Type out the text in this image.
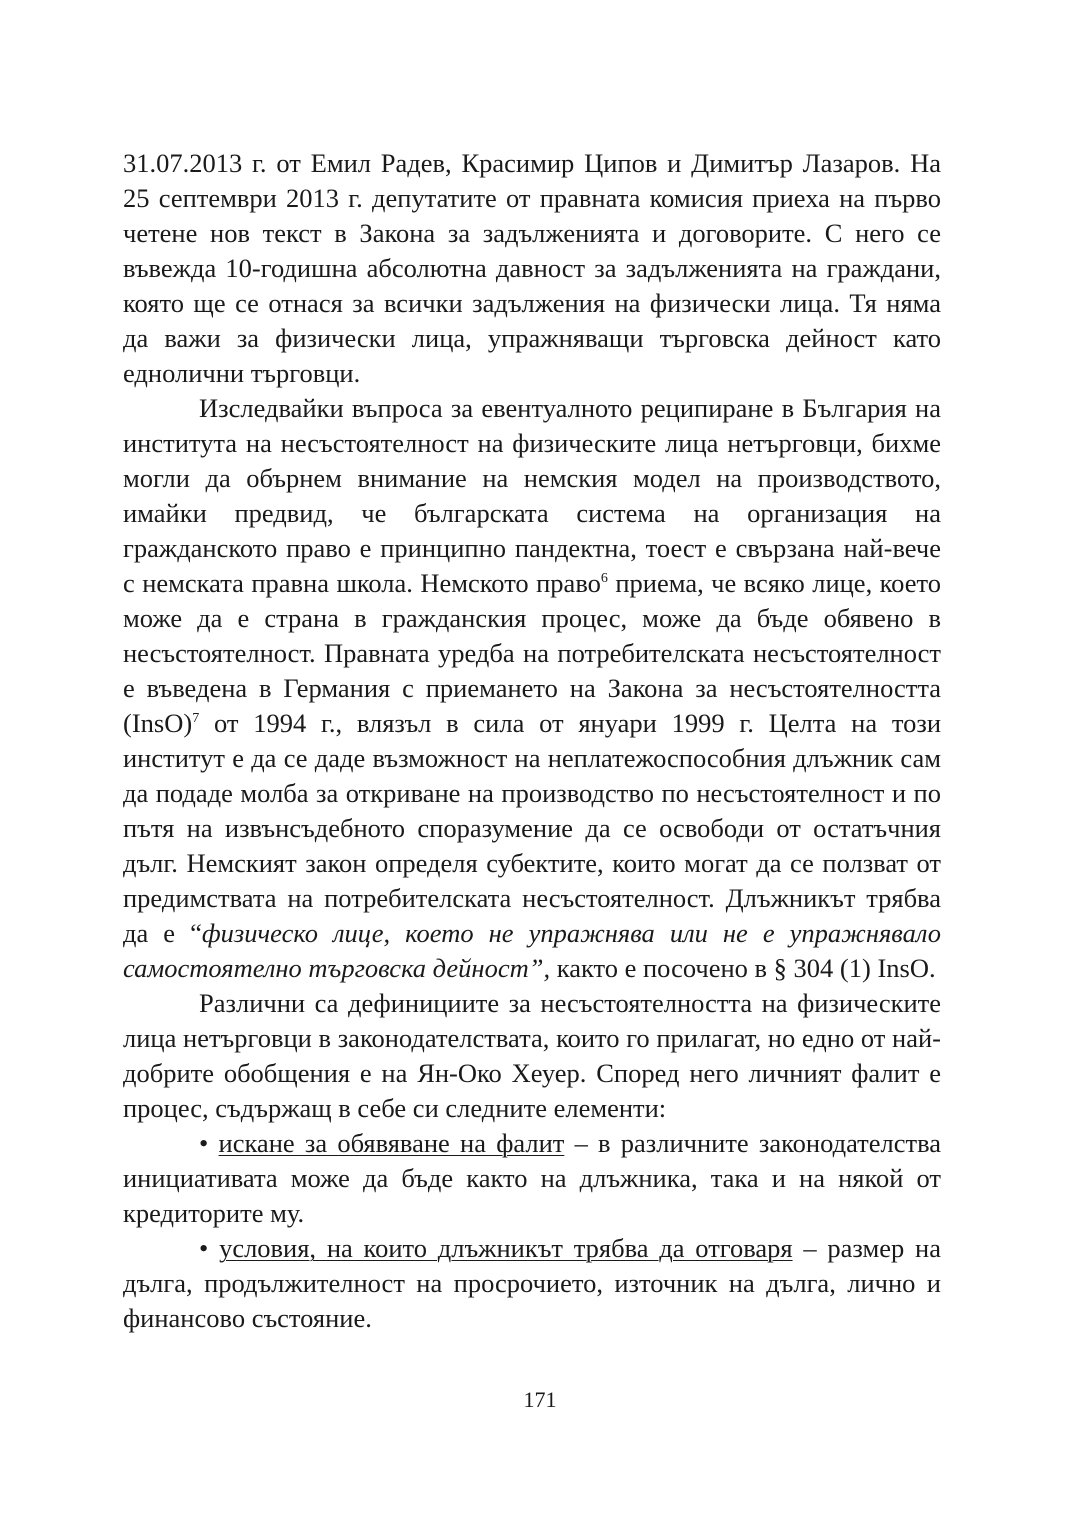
31.07.2013 г. от Емил Радев, Красимир Ципов и Димитър Лазаров. На 25 септември 2013 г. депутатите от правната комисия приеха на първо четене нов текст в Закона за задълженията и договорите. С него се въвежда 10-годишна абсолютна давност за задълженията на граждани, която ще се отнася за всички задължения на физически лица. Тя няма да важи за физически лица, упражняващи търговска дейност като еднолични търговци.

Изследвайки въпроса за евентуалното реципиране в България на института на несъстоятелност на физическите лица нетърговци, бихме могли да обърнем внимание на немския модел на производството, имайки предвид, че българската система на организация на гражданското право е принципно пандектна, тоест е свързана най-вече с немската правна школа. Немското право$^6$ приема, че всяко лице, което може да е страна в гражданския процес, може да бъде обявено в несъстоятелност. Правната уредба на потребителската несъстоятелност е въведена в Германия с приемането на Закона за несъстоятелността (InsO)$^7$ от 1994 г., влязъл в сила от януари 1999 г. Целта на този институт е да се даде възможност на неплатежоспособния длъжник сам да подаде молба за откриване на производство по несъстоятелност и по пътя на извънсъдебното споразумение да се освободи от остатъчния дълг. Немският закон определя субектите, които могат да се ползват от предимствата на потребителската несъстоятелност. Длъжникът трябва да е “физическо лице, което не упражнява или не е упражнявало самостоятелно търговска дейност”, както е посочено в § 304 (1) InsO.

Различни са дефинициите за несъстоятелността на физическите лица нетърговци в законодателствата, които го прилагат, но едно от най-добрите обобщения е на Ян-Око Хеуер. Според него личният фалит е процес, съдържащ в себе си следните елементи:

• искане за обявяване на фалит – в различните законодателства инициативата може да бъде както на длъжника, така и на някой от кредиторите му.

• условия, на които длъжникът трябва да отговаря – размер на дълга, продължителност на просрочието, източник на дълга, лично и финансово състояние.

171
